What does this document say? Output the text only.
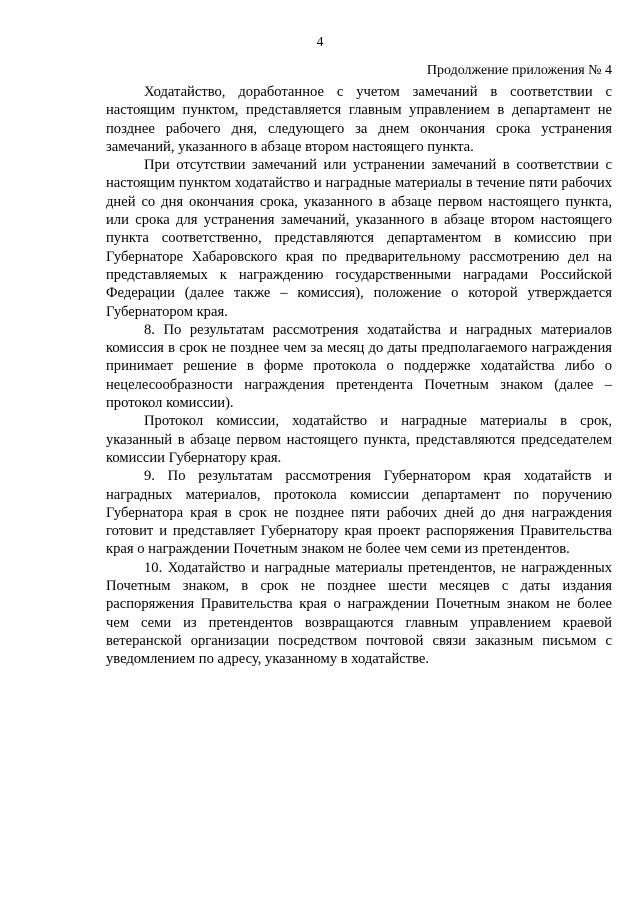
4
Продолжение приложения № 4

Ходатайство, доработанное с учетом замечаний в соответствии с настоящим пунктом, представляется главным управлением в департамент не позднее рабочего дня, следующего за днем окончания срока устранения замечаний, указанного в абзаце втором настоящего пункта.

При отсутствии замечаний или устранении замечаний в соответствии с настоящим пунктом ходатайство и наградные материалы в течение пяти рабочих дней со дня окончания срока, указанного в абзаце первом настоящего пункта, или срока для устранения замечаний, указанного в абзаце втором настоящего пункта соответственно, представляются департаментом в комиссию при Губернаторе Хабаровского края по предварительному рассмотрению дел на представляемых к награждению государственными наградами Российской Федерации (далее также – комиссия), положение о которой утверждается Губернатором края.

8. По результатам рассмотрения ходатайства и наградных материалов комиссия в срок не позднее чем за месяц до даты предполагаемого награждения принимает решение в форме протокола о поддержке ходатайства либо о нецелесообразности награждения претендента Почетным знаком (далее – протокол комиссии).

Протокол комиссии, ходатайство и наградные материалы в срок, указанный в абзаце первом настоящего пункта, представляются председателем комиссии Губернатору края.

9. По результатам рассмотрения Губернатором края ходатайств и наградных материалов, протокола комиссии департамент по поручению Губернатора края в срок не позднее пяти рабочих дней до дня награждения готовит и представляет Губернатору края проект распоряжения Правительства края о награждении Почетным знаком не более чем семи из претендентов.

10. Ходатайство и наградные материалы претендентов, не награжденных Почетным знаком, в срок не позднее шести месяцев с даты издания распоряжения Правительства края о награждении Почетным знаком не более чем семи из претендентов возвращаются главным управлением краевой ветеранской организации посредством почтовой связи заказным письмом с уведомлением по адресу, указанному в ходатайстве.
